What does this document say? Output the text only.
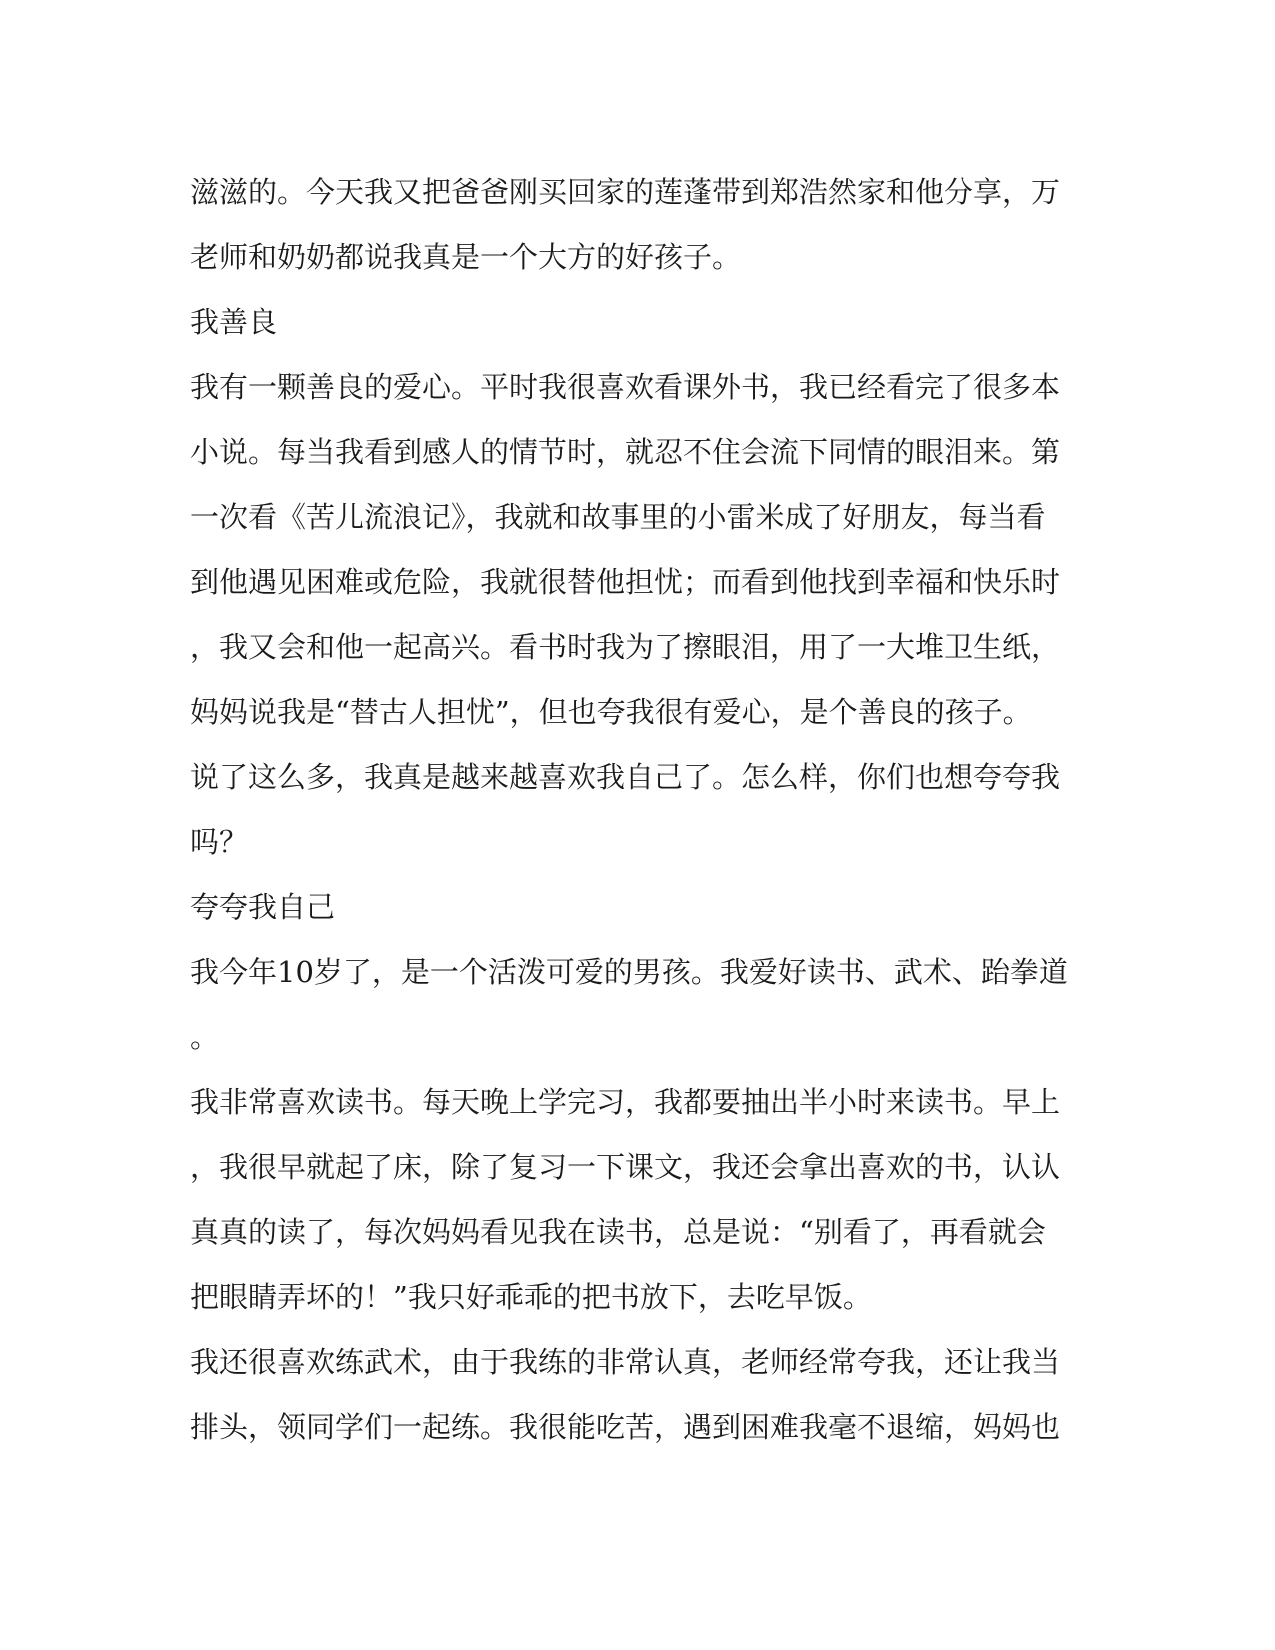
滋滋的。今天我又把爸爸刚买回家的莲蓬带到郑浩然家和他分享，万
老师和奶奶都说我真是一个大方的好孩子。
我善良
我有一颗善良的爱心。平时我很喜欢看课外书，我已经看完了很多本
小说。每当我看到感人的情节时，就忍不住会流下同情的眼泪来。第
一次看《苦儿流浪记》，我就和故事里的小雷米成了好朋友，每当看
到他遇见困难或危险，我就很替他担忧；而看到他找到幸福和快乐时
，我又会和他一起高兴。看书时我为了擦眼泪，用了一大堆卫生纸，
妈妈说我是“替古人担忧”，但也夸我很有爱心，是个善良的孩子。
说了这么多，我真是越来越喜欢我自己了。怎么样，你们也想夸夸我
吗？
夸夸我自己
我今年10岁了，是一个活泼可爱的男孩。我爱好读书、武术、跆拳道
。
我非常喜欢读书。每天晚上学完习，我都要抽出半小时来读书。早上
，我很早就起了床，除了复习一下课文，我还会拿出喜欢的书，认认
真真的读了，每次妈妈看见我在读书，总是说：“别看了，再看就会
把眼睛弄坏的！”我只好乖乖的把书放下，去吃早饭。
我还很喜欢练武术，由于我练的非常认真，老师经常夸我，还让我当
排头，领同学们一起练。我很能吃苦，遇到困难我毫不退缩，妈妈也
